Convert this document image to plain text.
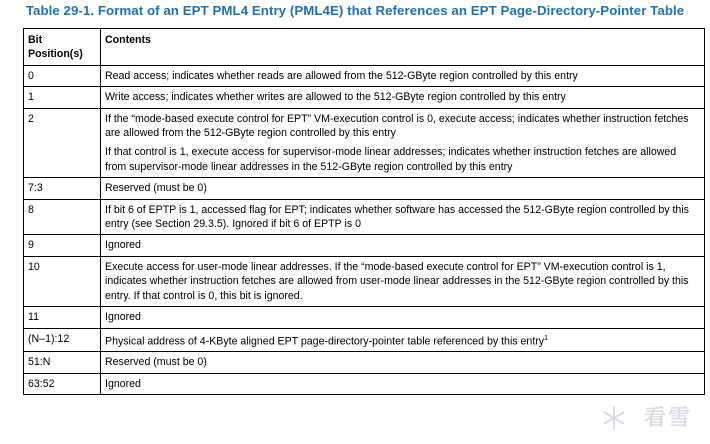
Table 29-1. Format of an EPT PML4 Entry (PML4E) that References an EPT Page-Directory-Pointer Table
Bit Position(s)	Contents
0	Read access; indicates whether reads are allowed from the 512-GByte region controlled by this entry

1	Write access; indicates whether writes are allowed to the 512-GByte region controlled by this entry

2	If the “mode-based execute control for EPT” VM-execution control is 0, execute access; indicates whether instruction fetches are allowed from the 512-GByte region controlled by this entry

If that control is 1, execute access for supervisor-mode linear addresses; indicates whether instruction fetches are allowed from supervisor-mode linear addresses in the 512-GByte region controlled by this entry

7:3	Reserved (must be 0)

8	If bit 6 of EPTP is 1, accessed flag for EPT; indicates whether software has accessed the 512-GByte region controlled by this entry (see Section 29.3.5). Ignored if bit 6 of EPTP is 0

9	Ignored

10	Execute access for user-mode linear addresses. If the “mode-based execute control for EPT” VM-execution control is 1, indicates whether instruction fetches are allowed from user-mode linear addresses in the 512-GByte region controlled by this entry. If that control is 0, this bit is ignored.

11	Ignored

(N–1):12	Physical address of 4-KByte aligned EPT page-directory-pointer table referenced by this entry$^1$

51:N	Reserved (must be 0)

63:52	Ignored

看雪
